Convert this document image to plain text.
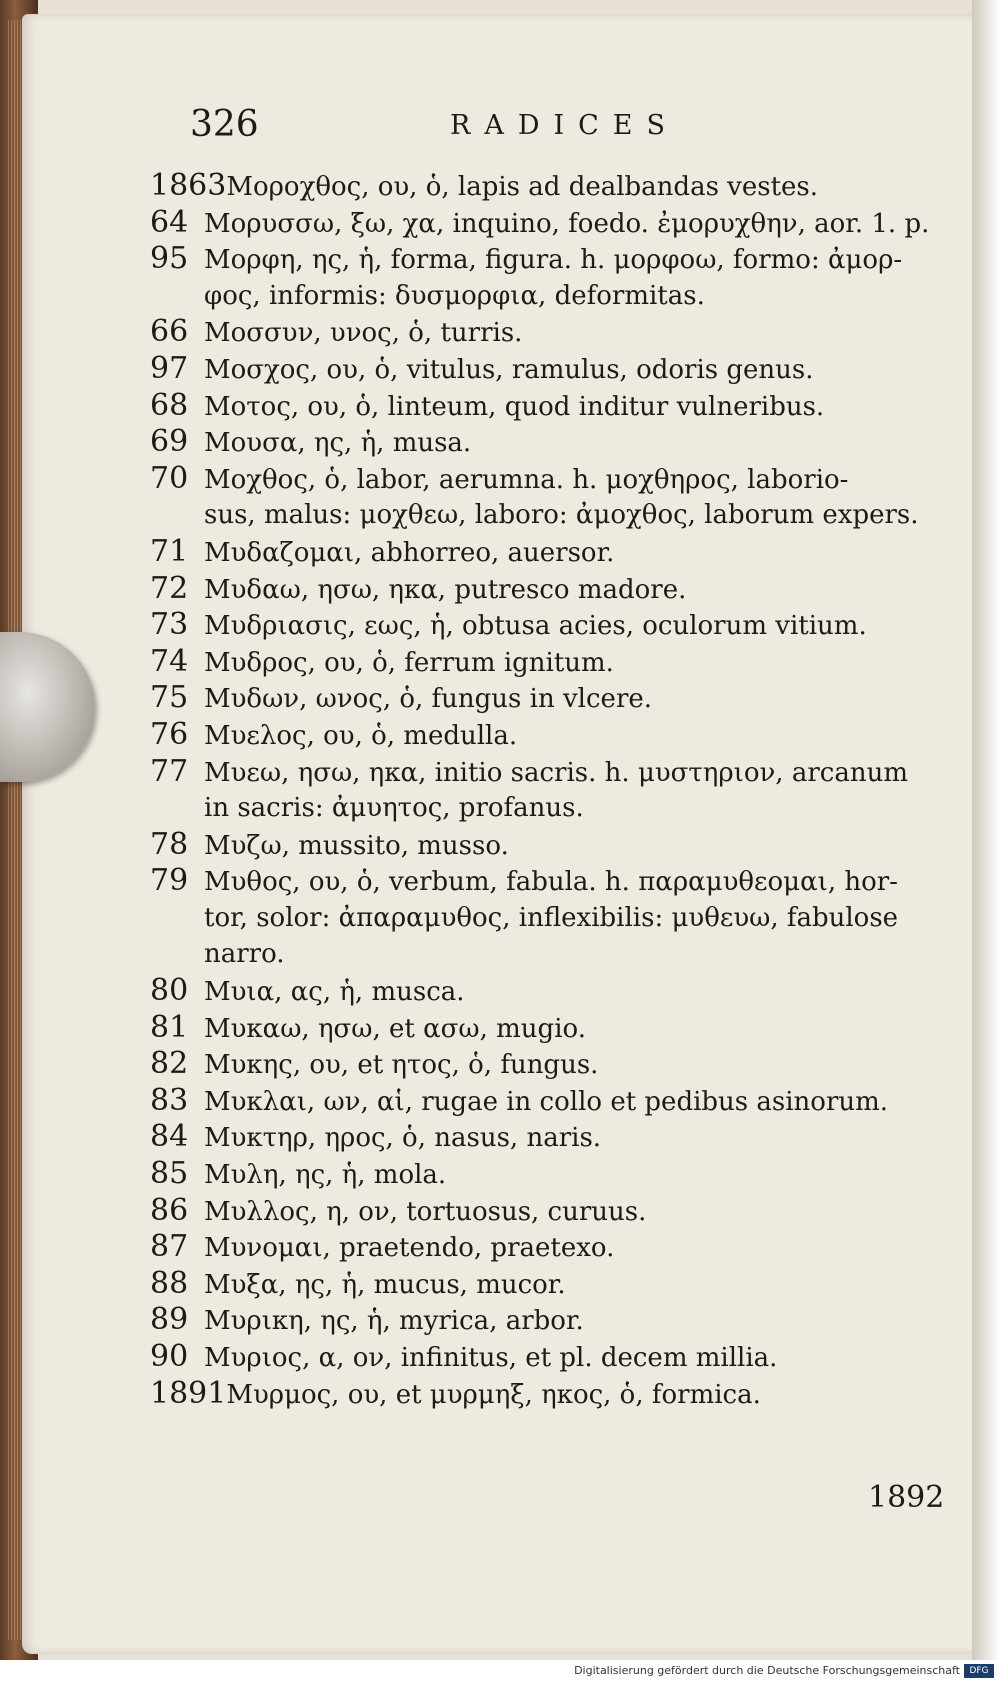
326	RADICES
1863Μοροχθος, ου, ὁ, lapis ad dealbandas vestes.
64 Μορυσσω, ξω, χα, inquino, foedo. ἐμορυχθην, aor. 1. p.
95 Μορφη, ης, ἡ, forma, figura. h. μορφοω, formo: ἀμορ-
φος, informis: δυσμορφια, deformitas.
66 Μοσσυν, υνος, ὁ, turris.
97 Μοσχος, ου, ὁ, vitulus, ramulus, odoris genus.
68 Μοτος, ου, ὁ, linteum, quod inditur vulneribus.
69 Μουσα, ης, ἡ, musa.
70 Μοχθος, ὁ, labor, aerumna. h. μοχθηρος, laborio-
sus, malus: μοχθεω, laboro: ἀμοχθος, laborum expers.
71 Μυδαζομαι, abhorreo, auersor.
72 Μυδαω, ησω, ηκα, putresco madore.
73 Μυδριασις, εως, ἡ, obtusa acies, oculorum vitium.
74 Μυδρος, ου, ὁ, ferrum ignitum.
75 Μυδων, ωνος, ὁ, fungus in vlcere.
76 Μυελος, ου, ὁ, medulla.
77 Μυεω, ησω, ηκα, initio sacris. h. μυστηριον, arcanum
in sacris: ἀμυητος, profanus.
78 Μυζω, mussito, musso.
79 Μυθος, ου, ὁ, verbum, fabula. h. παραμυθεομαι, hor-
tor, solor: ἀπαραμυθος, inflexibilis: μυθευω, fabulose
narro.
80 Μυια, ας, ἡ, musca.
81 Μυκαω, ησω, et ασω, mugio.
82 Μυκης, ου, et ητος, ὁ, fungus.
83 Μυκλαι, ων, αἱ, rugae in collo et pedibus asinorum.
84 Μυκτηρ, ηρος, ὁ, nasus, naris.
85 Μυλη, ης, ἡ, mola.
86 Μυλλος, η, ον, tortuosus, curuus.
87 Μυνομαι, praetendo, praetexo.
88 Μυξα, ης, ἡ, mucus, mucor.
89 Μυρικη, ης, ἡ, myrica, arbor.
90 Μυριος, α, ον, infinitus, et pl. decem millia.
1891Μυρμος, ου, et μυρμηξ, ηκος, ὁ, formica.
1892
Digitalisierung gefördert durch die Deutsche Forschungsgemeinschaft	DFG
